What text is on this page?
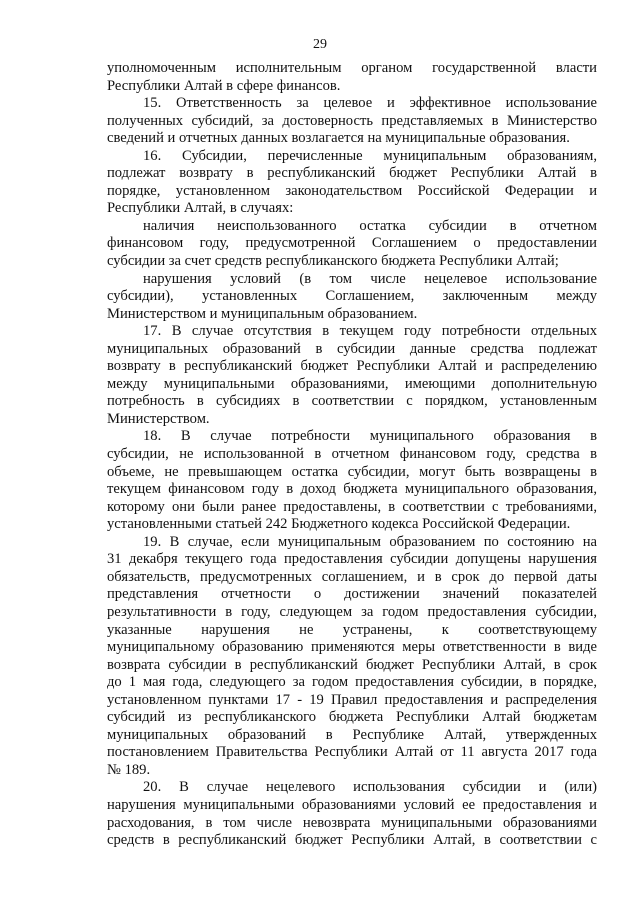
29
уполномоченным исполнительным органом государственной власти
Республики Алтай в сфере финансов.
15. Ответственность за целевое и эффективное использование
полученных субсидий, за достоверность представляемых в Министерство
сведений и отчетных данных возлагается на муниципальные образования.
16. Субсидии, перечисленные муниципальным образованиям,
подлежат возврату в республиканский бюджет Республики Алтай в
порядке, установленном законодательством Российской Федерации и
Республики Алтай, в случаях:
наличия неиспользованного остатка субсидии в отчетном
финансовом году, предусмотренной Соглашением о предоставлении
субсидии за счет средств республиканского бюджета Республики Алтай;
нарушения условий (в том числе нецелевое использование
субсидии), установленных Соглашением, заключенным между
Министерством и муниципальным образованием.
17. В случае отсутствия в текущем году потребности отдельных
муниципальных образований в субсидии данные средства подлежат
возврату в республиканский бюджет Республики Алтай и распределению
между муниципальными образованиями, имеющими дополнительную
потребность в субсидиях в соответствии с порядком, установленным
Министерством.
18. В случае потребности муниципального образования в
субсидии, не использованной в отчетном финансовом году, средства в
объеме, не превышающем остатка субсидии, могут быть возвращены в
текущем финансовом году в доход бюджета муниципального образования,
которому они были ранее предоставлены, в соответствии с требованиями,
установленными статьей 242 Бюджетного кодекса Российской Федерации.
19. В случае, если муниципальным образованием по состоянию на
31 декабря текущего года предоставления субсидии допущены нарушения
обязательств, предусмотренных соглашением, и в срок до первой даты
представления отчетности о достижении значений показателей
результативности в году, следующем за годом предоставления субсидии,
указанные нарушения не устранены, к соответствующему
муниципальному образованию применяются меры ответственности в виде
возврата субсидии в республиканский бюджет Республики Алтай, в срок
до 1 мая года, следующего за годом предоставления субсидии, в порядке,
установленном пунктами 17 - 19 Правил предоставления и распределения
субсидий из республиканского бюджета Республики Алтай бюджетам
муниципальных образований в Республике Алтай, утвержденных
постановлением Правительства Республики Алтай от 11 августа 2017 года
№ 189.
20. В случае нецелевого использования субсидии и (или)
нарушения муниципальными образованиями условий ее предоставления и
расходования, в том числе невозврата муниципальными образованиями
средств в республиканский бюджет Республики Алтай, в соответствии с
